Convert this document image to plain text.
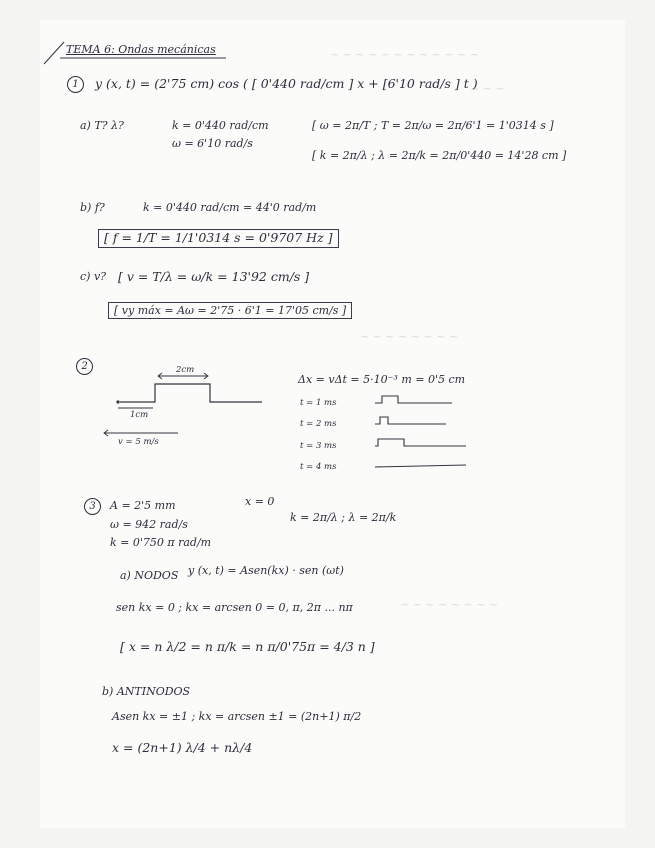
~ ~ ~ ~ ~ ~ ~ ~ ~ ~ ~ ~
~ ~ ~
~ ~ ~ ~ ~ ~ ~ ~
~ ~ ~ ~ ~ ~ ~ ~
TEMA 6: Ondas mecánicas
1	y (x, t) = (2'75 cm) cos ( [ 0'440 rad/cm ] x + [6'10 rad/s ] t )
a) T? λ?	k = 0'440 rad/cm
ω = 6'10 rad/s
[ ω = 2π/T ; T = 2π/ω = 2π/6'1 = 1'0314 s ]
[ k = 2π/λ ; λ = 2π/k = 2π/0'440 = 14'28 cm ]
b) f?	k = 0'440 rad/cm = 44'0 rad/m
[ f = 1/T = 1/1'0314 s = 0'9707 Hz ]
c) v? [ v = T/λ = ω/k = 13'92 cm/s ]
[ vy máx = Aω = 2'75 · 6'1 = 17'05 cm/s ]
2	2cm
1cm
v = 5 m/s
Δx = vΔt = 5·10⁻³ m = 0'5 cm
t = 1 ms
t = 2 ms
t = 3 ms
t = 4 ms
3	A = 2'5 mm	x = 0
ω = 942 rad/s
k = 0'750 π rad/m
k = 2π/λ ; λ = 2π/k
a) NODOS y (x, t) = Asen(kx) · sen (ωt)
sen kx = 0 ; kx = arcsen 0 = 0, π, 2π ... nπ
[ x = n λ/2 = n π/k = n π/0'75π = 4/3 n ]
b) ANTINODOS
Asen kx = ±1 ; kx = arcsen ±1 = (2n+1) π/2
x = (2n+1) λ/4 + nλ/4
